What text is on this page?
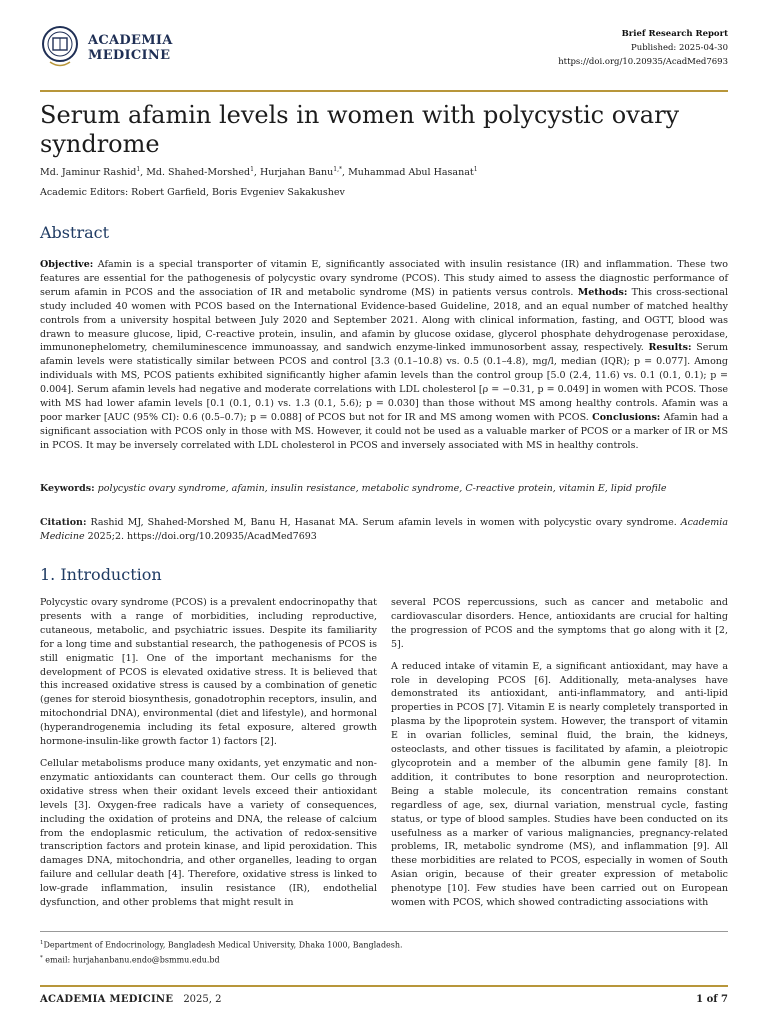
ACADEMIA
MEDICINE
Brief Research Report
Published: 2025-04-30
https://doi.org/10.20935/AcadMed7693
Serum afamin levels in women with polycystic ovary syndrome
Md. Jaminur Rashid$^1$, Md. Shahed-Morshed$^1$, Hurjahan Banu$^{1,*}$, Muhammad Abul Hasanat$^1$
Academic Editors: Robert Garfield, Boris Evgeniev Sakakushev
Abstract
Objective: Afamin is a special transporter of vitamin E, significantly associated with insulin resistance (IR) and inflammation. These two features are essential for the pathogenesis of polycystic ovary syndrome (PCOS). This study aimed to assess the diagnostic performance of serum afamin in PCOS and the association of IR and metabolic syndrome (MS) in patients versus controls. Methods: This cross-sectional study included 40 women with PCOS based on the International Evidence-based Guideline, 2018, and an equal number of matched healthy controls from a university hospital between July 2020 and September 2021. Along with clinical information, fasting, and OGTT, blood was drawn to measure glucose, lipid, C-reactive protein, insulin, and afamin by glucose oxidase, glycerol phosphate dehydrogenase peroxidase, immunonephelometry, chemiluminescence immunoassay, and sandwich enzyme-linked immunosorbent assay, respectively. Results: Serum afamin levels were statistically similar between PCOS and control [3.3 (0.1–10.8) vs. 0.5 (0.1–4.8), mg/l, median (IQR); p = 0.077]. Among individuals with MS, PCOS patients exhibited significantly higher afamin levels than the control group [5.0 (2.4, 11.6) vs. 0.1 (0.1, 0.1); p = 0.004]. Serum afamin levels had negative and moderate correlations with LDL cholesterol [ρ = −0.31, p = 0.049] in women with PCOS. Those with MS had lower afamin levels [0.1 (0.1, 0.1) vs. 1.3 (0.1, 5.6); p = 0.030] than those without MS among healthy controls. Afamin was a poor marker [AUC (95% CI): 0.6 (0.5–0.7); p = 0.088] of PCOS but not for IR and MS among women with PCOS. Conclusions: Afamin had a significant association with PCOS only in those with MS. However, it could not be used as a valuable marker of PCOS or a marker of IR or MS in PCOS. It may be inversely correlated with LDL cholesterol in PCOS and inversely associated with MS in healthy controls.
Keywords: polycystic ovary syndrome, afamin, insulin resistance, metabolic syndrome, C-reactive protein, vitamin E, lipid profile
Citation: Rashid MJ, Shahed-Morshed M, Banu H, Hasanat MA. Serum afamin levels in women with polycystic ovary syndrome. Academia Medicine 2025;2. https://doi.org/10.20935/AcadMed7693
1. Introduction

Polycystic ovary syndrome (PCOS) is a prevalent endocrinopathy that presents with a range of morbidities, including reproductive, cutaneous, metabolic, and psychiatric issues. Despite its familiarity for a long time and substantial research, the pathogenesis of PCOS is still enigmatic [1]. One of the important mechanisms for the development of PCOS is elevated oxidative stress. It is believed that this increased oxidative stress is caused by a combination of genetic (genes for steroid biosynthesis, gonadotrophin receptors, insulin, and mitochondrial DNA), environmental (diet and lifestyle), and hormonal (hyperandrogenemia including its fetal exposure, altered growth hormone-insulin-like growth factor 1) factors [2].

Cellular metabolisms produce many oxidants, yet enzymatic and non-enzymatic antioxidants can counteract them. Our cells go through oxidative stress when their oxidant levels exceed their antioxidant levels [3]. Oxygen-free radicals have a variety of consequences, including the oxidation of proteins and DNA, the release of calcium from the endoplasmic reticulum, the activation of redox-sensitive transcription factors and protein kinase, and lipid peroxidation. This damages DNA, mitochondria, and other organelles, leading to organ failure and cellular death [4]. Therefore, oxidative stress is linked to low-grade inflammation, insulin resistance (IR), endothelial dysfunction, and other problems that might result in

several PCOS repercussions, such as cancer and metabolic and cardiovascular disorders. Hence, antioxidants are crucial for halting the progression of PCOS and the symptoms that go along with it [2, 5].

A reduced intake of vitamin E, a significant antioxidant, may have a role in developing PCOS [6]. Additionally, meta-analyses have demonstrated its antioxidant, anti-inflammatory, and anti-lipid properties in PCOS [7]. Vitamin E is nearly completely transported in plasma by the lipoprotein system. However, the transport of vitamin E in ovarian follicles, seminal fluid, the brain, the kidneys, osteoclasts, and other tissues is facilitated by afamin, a pleiotropic glycoprotein and a member of the albumin gene family [8]. In addition, it contributes to bone resorption and neuroprotection. Being a stable molecule, its concentration remains constant regardless of age, sex, diurnal variation, menstrual cycle, fasting status, or type of blood samples. Studies have been conducted on its usefulness as a marker of various malignancies, pregnancy-related problems, IR, metabolic syndrome (MS), and inflammation [9]. All these morbidities are related to PCOS, especially in women of South Asian origin, because of their greater expression of metabolic phenotype [10]. Few studies have been carried out on European women with PCOS, which showed contradicting associations with

$^1$Department of Endocrinology, Bangladesh Medical University, Dhaka 1000, Bangladesh.
* email: hurjahanbanu.endo@bsmmu.edu.bd
ACADEMIA MEDICINE 2025, 2	1 of 7
